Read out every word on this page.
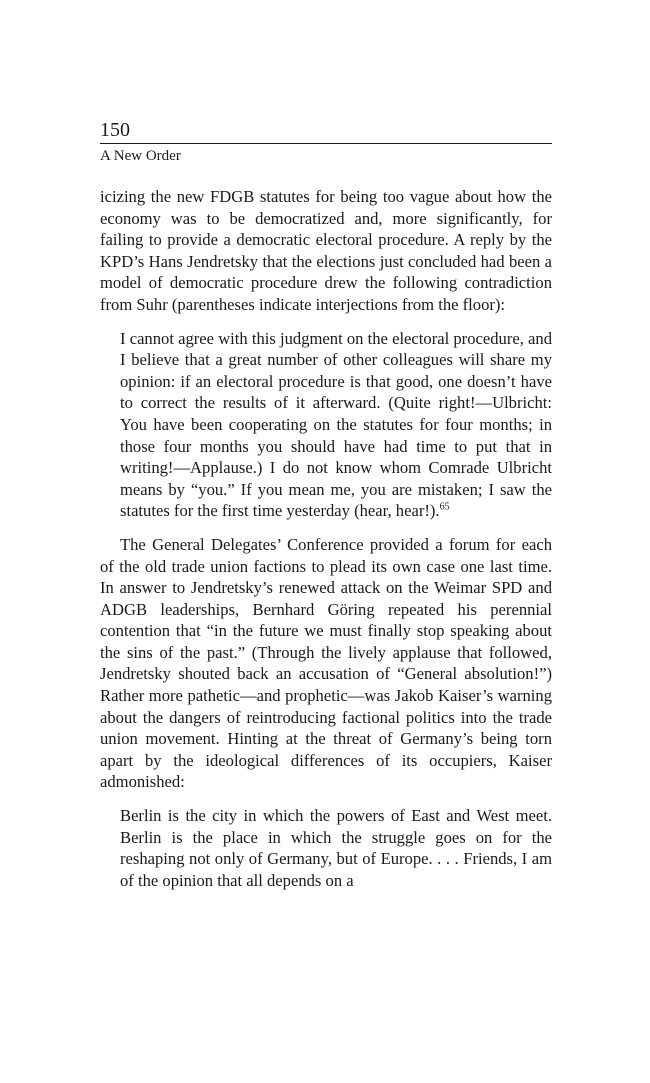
150
A New Order

icizing the new FDGB statutes for being too vague about how the economy was to be democratized and, more significantly, for failing to provide a democratic electoral procedure. A reply by the KPD’s Hans Jendretsky that the elections just concluded had been a model of democratic procedure drew the following contradiction from Suhr (parentheses indicate interjections from the floor):

I cannot agree with this judgment on the electoral procedure, and I believe that a great number of other colleagues will share my opinion: if an electoral procedure is that good, one doesn’t have to correct the results of it afterward. (Quite right!—Ulbricht: You have been cooperating on the statutes for four months; in those four months you should have had time to put that in writing!—Applause.) I do not know whom Comrade Ulbricht means by “you.” If you mean me, you are mistaken; I saw the statutes for the first time yesterday (hear, hear!).$^{65}$

The General Delegates’ Conference provided a forum for each of the old trade union factions to plead its own case one last time. In answer to Jendretsky’s renewed attack on the Weimar SPD and ADGB leaderships, Bernhard Göring repeated his perennial contention that “in the future we must finally stop speaking about the sins of the past.” (Through the lively applause that followed, Jendretsky shouted back an accusation of “General absolution!”) Rather more pathetic—and prophetic—was Jakob Kaiser’s warning about the dangers of reintroducing factional politics into the trade union movement. Hinting at the threat of Germany’s being torn apart by the ideological differences of its occupiers, Kaiser admonished:

Berlin is the city in which the powers of East and West meet. Berlin is the place in which the struggle goes on for the reshaping not only of Germany, but of Europe. . . . Friends, I am of the opinion that all depends on a
